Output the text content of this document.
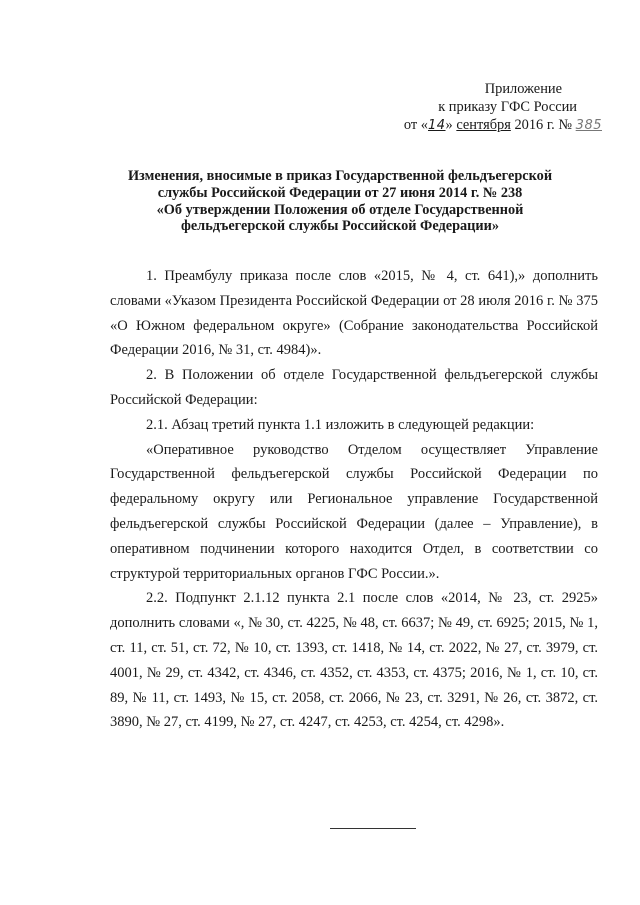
Приложение
к приказу ГФС России
от «14» сентября 2016 г. № 385
Изменения, вносимые в приказ Государственной фельдъегерской
службы Российской Федерации от 27 июня 2014 г. № 238
«Об утверждении Положения об отделе Государственной
фельдъегерской службы Российской Федерации»

1. Преамбулу приказа после слов «2015, № 4, ст. 641),» дополнить словами «Указом Президента Российской Федерации от 28 июля 2016 г. № 375 «О Южном федеральном округе» (Собрание законодательства Российской Федерации 2016, № 31, ст. 4984)».

2. В Положении об отделе Государственной фельдъегерской службы Российской Федерации:

2.1. Абзац третий пункта 1.1 изложить в следующей редакции:

«Оперативное руководство Отделом осуществляет Управление Государственной фельдъегерской службы Российской Федерации по федеральному округу или Региональное управление Государственной фельдъегерской службы Российской Федерации (далее – Управление), в оперативном подчинении которого находится Отдел, в соответствии со структурой территориальных органов ГФС России.».

2.2. Подпункт 2.1.12 пункта 2.1 после слов «2014, № 23, ст. 2925» дополнить словами «, № 30, ст. 4225, № 48, ст. 6637; № 49, ст. 6925; 2015, № 1, ст. 11, ст. 51, ст. 72, № 10, ст. 1393, ст. 1418, № 14, ст. 2022, № 27, ст. 3979, ст. 4001, № 29, ст. 4342, ст. 4346, ст. 4352, ст. 4353, ст. 4375; 2016, № 1, ст. 10, ст. 89, № 11, ст. 1493, № 15, ст. 2058, ст. 2066, № 23, ст. 3291, № 26, ст. 3872, ст. 3890, № 27, ст. 4199, № 27, ст. 4247, ст. 4253, ст. 4254, ст. 4298».
